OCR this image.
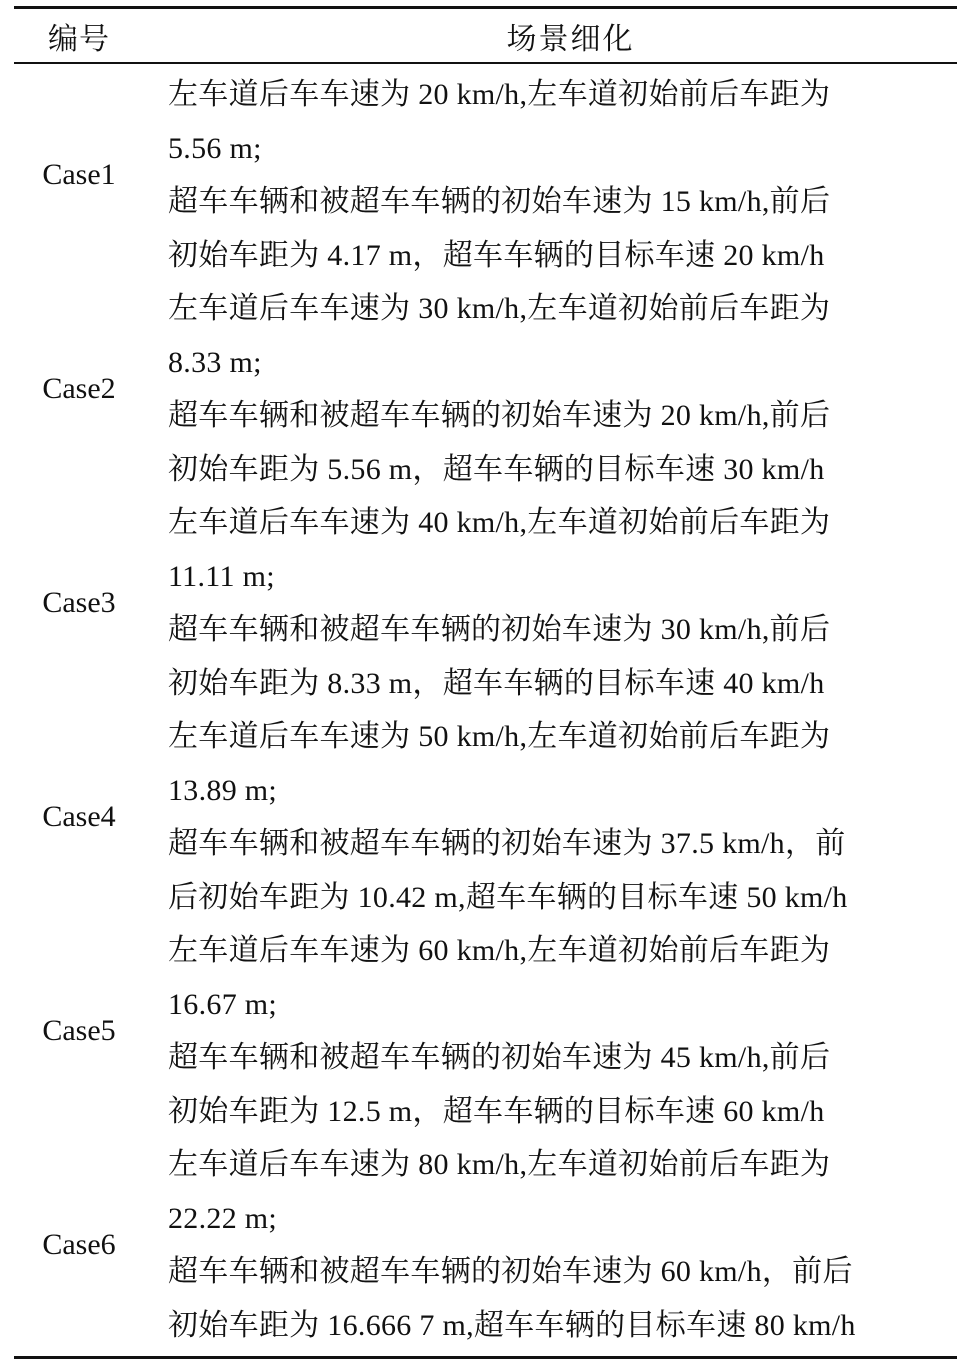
编号	场景细化
Case1
左车道后车车速为 20 km/h,左车道初始前后车距为
5.56 m;
超车车辆和被超车车辆的初始车速为 15 km/h,前后
初始车距为 4.17 m，超车车辆的目标车速 20 km/h
Case2
左车道后车车速为 30 km/h,左车道初始前后车距为
8.33 m;
超车车辆和被超车车辆的初始车速为 20 km/h,前后
初始车距为 5.56 m，超车车辆的目标车速 30 km/h
Case3
左车道后车车速为 40 km/h,左车道初始前后车距为
11.11 m;
超车车辆和被超车车辆的初始车速为 30 km/h,前后
初始车距为 8.33 m，超车车辆的目标车速 40 km/h
Case4
左车道后车车速为 50 km/h,左车道初始前后车距为
13.89 m;
超车车辆和被超车车辆的初始车速为 37.5 km/h，前
后初始车距为 10.42 m,超车车辆的目标车速 50 km/h
Case5
左车道后车车速为 60 km/h,左车道初始前后车距为
16.67 m;
超车车辆和被超车车辆的初始车速为 45 km/h,前后
初始车距为 12.5 m，超车车辆的目标车速 60 km/h
Case6
左车道后车车速为 80 km/h,左车道初始前后车距为
22.22 m;
超车车辆和被超车车辆的初始车速为 60 km/h，前后
初始车距为 16.666 7 m,超车车辆的目标车速 80 km/h
